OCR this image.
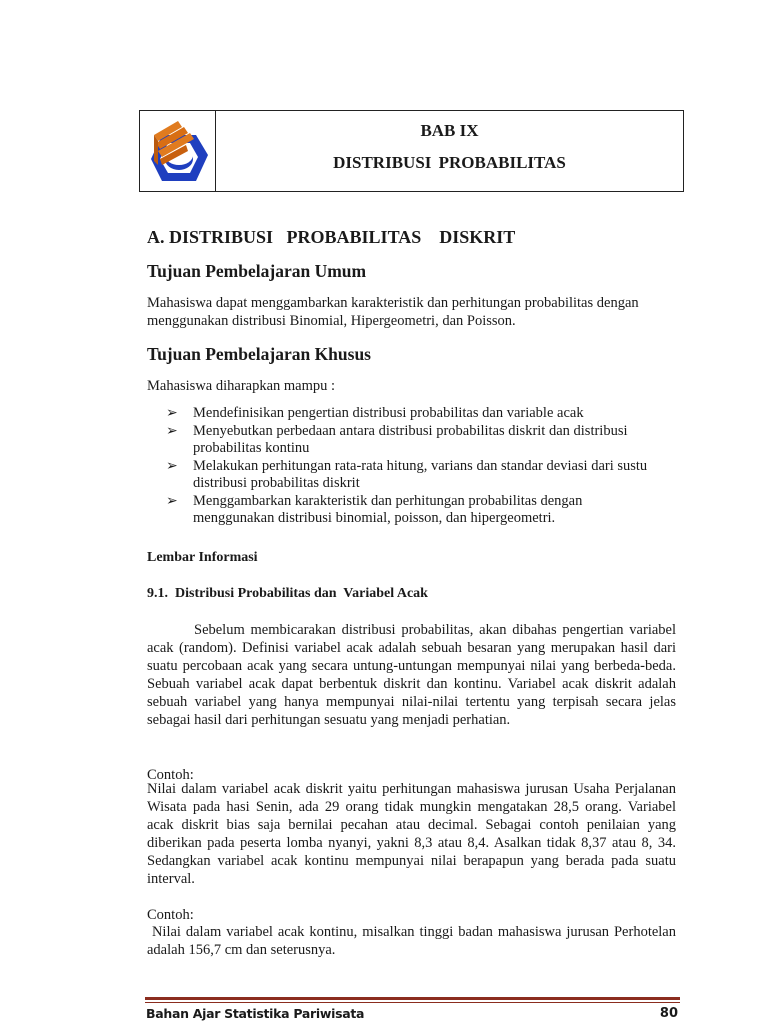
BAB IX
DISTRIBUSI PROBABILITAS
A. DISTRIBUSI   PROBABILITAS    DISKRIT
Tujuan Pembelajaran Umum
Mahasiswa dapat menggambarkan karakteristik dan perhitungan probabilitas dengan menggunakan distribusi Binomial, Hipergeometri, dan Poisson.
Tujuan Pembelajaran Khusus
Mahasiswa diharapkan mampu :
➢ Mendefinisikan pengertian distribusi probabilitas dan variable acak
➢ Menyebutkan perbedaan antara distribusi probabilitas diskrit dan distribusi probabilitas kontinu
➢ Melakukan perhitungan rata-rata hitung, varians dan standar deviasi dari sustu distribusi probabilitas diskrit
➢ Menggambarkan karakteristik dan perhitungan probabilitas dengan menggunakan distribusi binomial, poisson, dan hipergeometri.
Lembar Informasi
9.1.  Distribusi Probabilitas dan  Variabel Acak
Sebelum membicarakan distribusi probabilitas, akan dibahas pengertian variabel acak (random). Definisi variabel acak adalah sebuah besaran yang merupakan hasil dari suatu percobaan acak yang secara untung-untungan mempunyai nilai yang berbeda-beda. Sebuah variabel acak dapat berbentuk diskrit dan kontinu. Variabel acak diskrit adalah sebuah variabel yang hanya mempunyai nilai-nilai tertentu yang terpisah secara jelas sebagai hasil dari perhitungan sesuatu yang menjadi perhatian.
Contoh:
Nilai dalam variabel acak diskrit yaitu perhitungan mahasiswa jurusan Usaha Perjalanan Wisata pada hasi Senin, ada 29 orang tidak mungkin mengatakan 28,5 orang. Variabel acak diskrit bias saja bernilai pecahan atau decimal. Sebagai contoh penilaian yang diberikan pada peserta lomba nyanyi, yakni 8,3 atau 8,4. Asalkan tidak 8,37 atau 8, 34. Sedangkan variabel acak kontinu mempunyai nilai berapapun yang berada pada suatu interval.
Contoh:
Nilai dalam variabel acak kontinu, misalkan tinggi badan mahasiswa jurusan Perhotelan adalah 156,7 cm dan seterusnya.
Bahan Ajar Statistika Pariwisata	80
